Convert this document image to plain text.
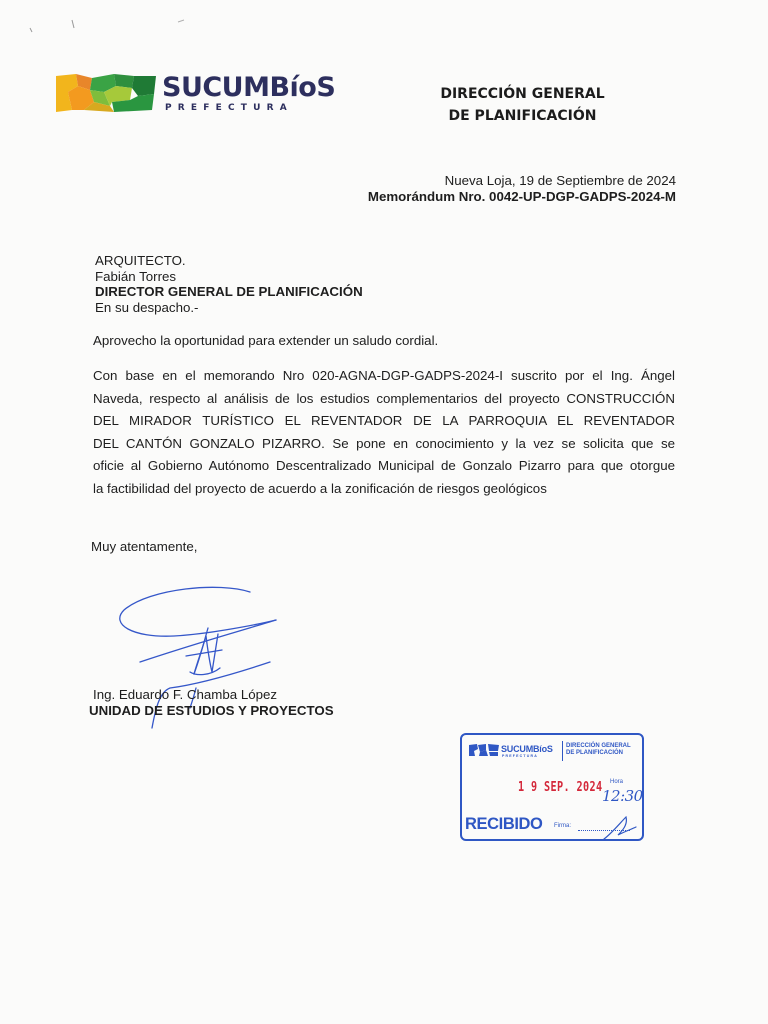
SUCUMBíoS
PREFECTURA
DIRECCIÓN GENERAL
DE PLANIFICACIÓN
Nueva Loja, 19 de Septiembre de 2024
Memorándum Nro. 0042-UP-DGP-GADPS-2024-M
ARQUITECTO.
Fabián Torres
DIRECTOR GENERAL DE PLANIFICACIÓN
En su despacho.-
Aprovecho la oportunidad para extender un saludo cordial.
Con base en el memorando Nro 020-AGNA-DGP-GADPS-2024-I suscrito por el Ing. Ángel
Naveda, respecto al análisis de los estudios complementarios del proyecto CONSTRUCCIÓN
DEL MIRADOR TURÍSTICO EL REVENTADOR DE LA PARROQUIA EL REVENTADOR
DEL CANTÓN GONZALO PIZARRO. Se pone en conocimiento y la vez se solicita que se
oficie al Gobierno Autónomo Descentralizado Municipal de Gonzalo Pizarro para que otorgue
la factibilidad del proyecto de acuerdo a la zonificación de riesgos geológicos
Muy atentamente,
Ing. Eduardo F. Chamba López
UNIDAD DE ESTUDIOS Y PROYECTOS
SUCUMBíoS
PREFECTURA
DIRECCIÓN GENERAL
DE PLANIFICACIÓN
1 9 SEP. 2024 Hora
12:30
RECIBIDO Firma:
